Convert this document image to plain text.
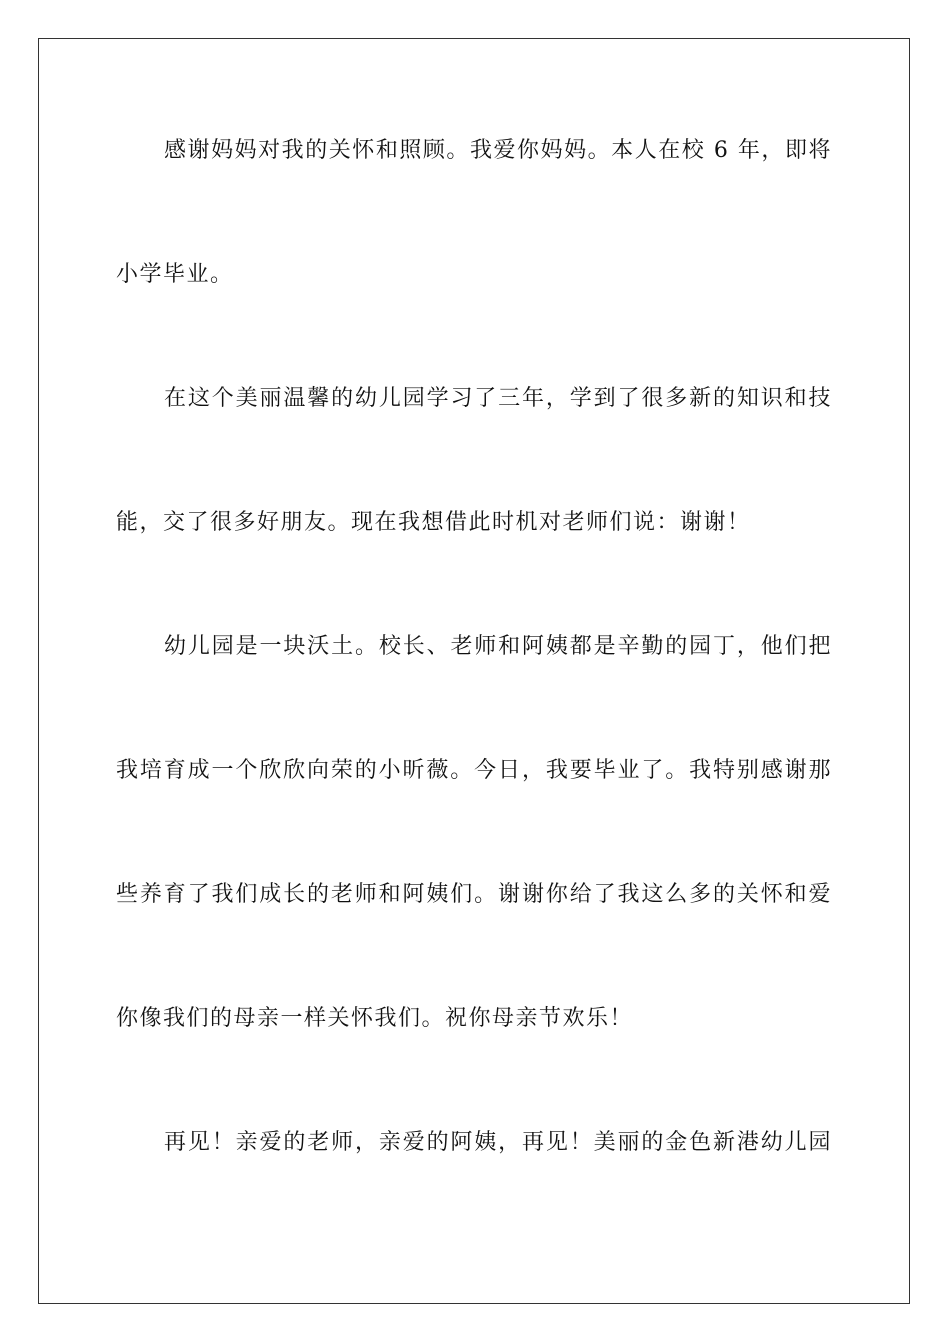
感谢妈妈对我的关怀和照顾。我爱你妈妈。本人在校 6 年，即将
小学毕业。
在这个美丽温馨的幼儿园学习了三年，学到了很多新的知识和技
能，交了很多好朋友。现在我想借此时机对老师们说：谢谢！
幼儿园是一块沃土。校长、老师和阿姨都是辛勤的园丁，他们把
我培育成一个欣欣向荣的小昕薇。今日，我要毕业了。我特别感谢那
些养育了我们成长的老师和阿姨们。谢谢你给了我这么多的关怀和爱
你像我们的母亲一样关怀我们。祝你母亲节欢乐！
再见！亲爱的老师，亲爱的阿姨，再见！美丽的金色新港幼儿园
